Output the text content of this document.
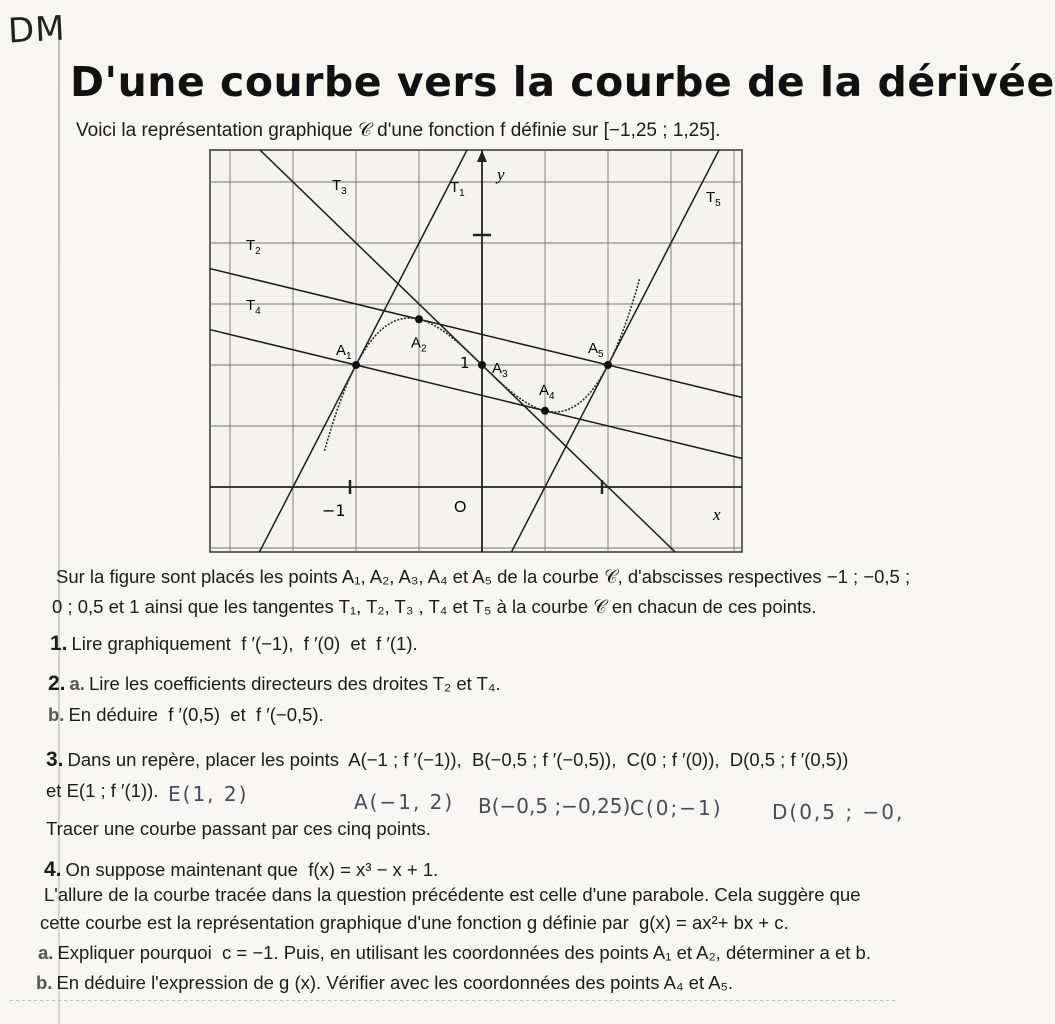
DM
D'une courbe vers la courbe de la dérivée
Voici la représentation graphique 𝒞 d'une fonction f définie sur [−1,25 ; 1,25].
y
x
O
1
−1
$A_1$
$A_2$
$A_3$
$A_4$
$A_5$
$T_1$
$T_2$
$T_3$
$T_4$
$T_5$
Sur la figure sont placés les points A₁, A₂, A₃, A₄ et A₅ de la courbe 𝒞, d'abscisses respectives −1 ; −0,5 ;
0 ; 0,5 et 1 ainsi que les tangentes T₁, T₂, T₃ , T₄ et T₅ à la courbe 𝒞 en chacun de ces points.
1. Lire graphiquement  f ′(−1),  f ′(0)  et  f ′(1).
2. a. Lire les coefficients directeurs des droites T₂ et T₄.
b. En déduire  f ′(0,5)  et  f ′(−0,5).
3. Dans un repère, placer les points  A(−1 ; f ′(−1)),  B(−0,5 ; f ′(−0,5)),  C(0 ; f ′(0)),  D(0,5 ; f ′(0,5))
et E(1 ; f ′(1)).
Tracer une courbe passant par ces cinq points.
E(1, 2)	A(−1, 2) B(−0,5 ;−0,25) C(0;−1) D(0,5 ; −0,
4. On suppose maintenant que  f(x) = x³ − x + 1.
L'allure de la courbe tracée dans la question précédente est celle d'une parabole. Cela suggère que
cette courbe est la représentation graphique d'une fonction g définie par  g(x) = ax²+ bx + c.
a. Expliquer pourquoi  c = −1. Puis, en utilisant les coordonnées des points A₁ et A₂, déterminer a et b.
b. En déduire l'expression de g (x). Vérifier avec les coordonnées des points A₄ et A₅.
